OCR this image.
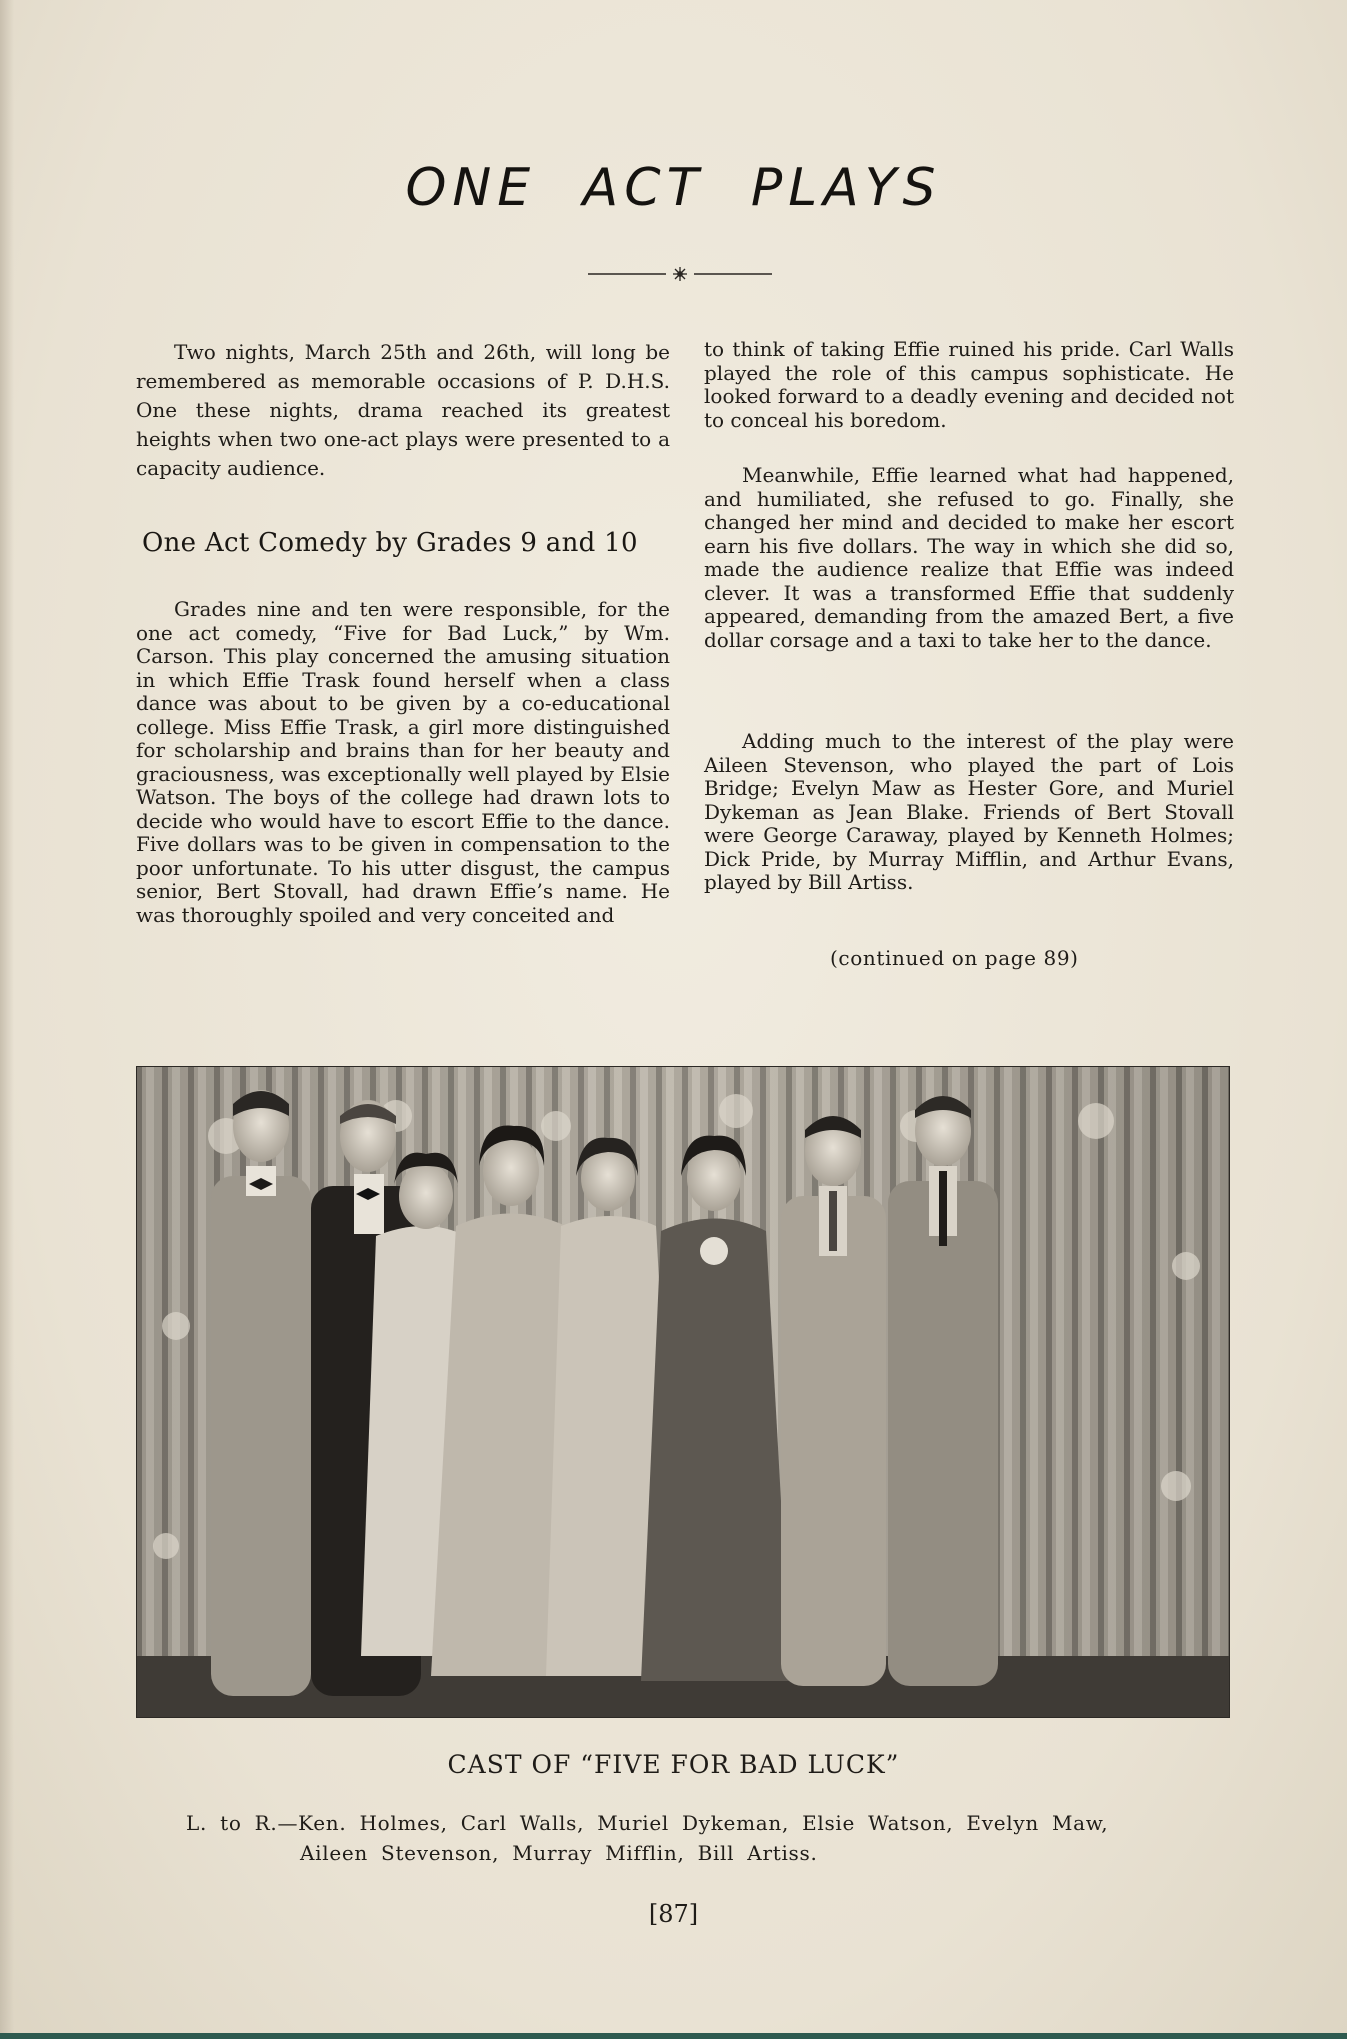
ONE ACT PLAYS

Two nights, March 25th and 26th, will long be remembered as memorable occasions of P. D.H.S. One these nights, drama reached its greatest heights when two one-act plays were presented to a capacity audience.

One Act Comedy by Grades 9 and 10

Grades nine and ten were responsible, for the one act comedy, “Five for Bad Luck,” by Wm. Carson. This play concerned the amusing situation in which Effie Trask found herself when a class dance was about to be given by a co-educational college. Miss Effie Trask, a girl more distinguished for scholarship and brains than for her beauty and graciousness, was exceptionally well played by Elsie Watson. The boys of the college had drawn lots to decide who would have to escort Effie to the dance. Five dollars was to be given in compensation to the poor unfortunate. To his utter disgust, the campus senior, Bert Stovall, had drawn Effie’s name. He was thoroughly spoiled and very conceited and

to think of taking Effie ruined his pride. Carl Walls played the role of this campus sophisticate. He looked forward to a deadly evening and decided not to conceal his boredom.

Meanwhile, Effie learned what had happened, and humiliated, she refused to go. Finally, she changed her mind and decided to make her escort earn his five dollars. The way in which she did so, made the audience realize that Effie was indeed clever. It was a transformed Effie that suddenly appeared, demanding from the amazed Bert, a five dollar corsage and a taxi to take her to the dance.

Adding much to the interest of the play were Aileen Stevenson, who played the part of Lois Bridge; Evelyn Maw as Hester Gore, and Muriel Dykeman as Jean Blake. Friends of Bert Stovall were George Caraway, played by Kenneth Holmes; Dick Pride, by Murray Mifflin, and Arthur Evans, played by Bill Artiss.

(continued on page 89)
CAST OF “FIVE FOR BAD LUCK”
L. to R.—Ken. Holmes, Carl Walls, Muriel Dykeman, Elsie Watson, Evelyn Maw,
Aileen Stevenson, Murray Mifflin, Bill Artiss.
[87]
